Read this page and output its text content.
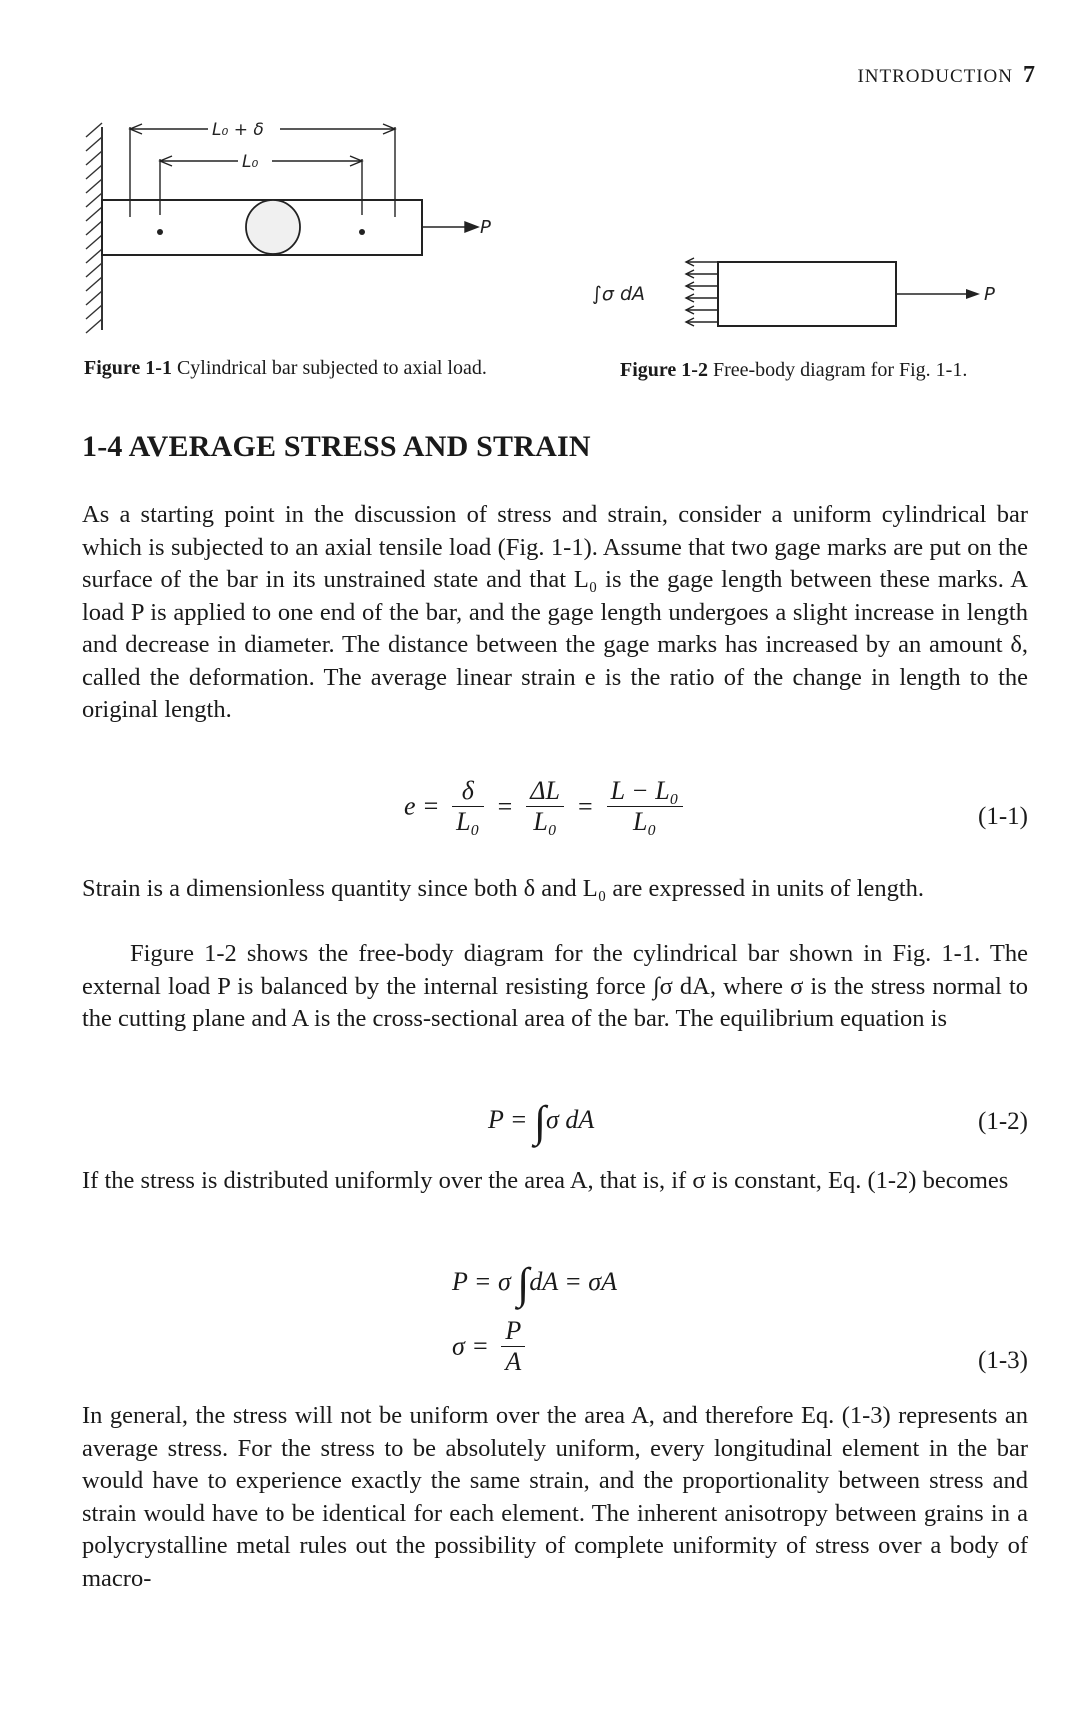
INTRODUCTION 7
L₀ + δ
L₀
P
Figure 1-1 Cylindrical bar subjected to axial load.
∫σ dA	P
Figure 1-2 Free-body diagram for Fig. 1-1.
1-4 AVERAGE STRESS AND STRAIN
As a starting point in the discussion of stress and strain, consider a uniform cylindrical bar which is subjected to an axial tensile load (Fig. 1-1). Assume that two gage marks are put on the surface of the bar in its unstrained state and that L₀ is the gage length between these marks. A load P is applied to one end of the bar, and the gage length undergoes a slight increase in length and decrease in diameter. The distance between the gage marks has increased by an amount δ, called the deformation. The average linear strain e is the ratio of the change in length to the original length.
$e = \frac{\delta}{\text{L₀}} = \frac{\Delta L}{\text{L₀}} = \frac{\text{L − L₀}}{\text{L₀}}$	(1-1)
Strain is a dimensionless quantity since both δ and L₀ are expressed in units of length.
Figure 1-2 shows the free-body diagram for the cylindrical bar shown in Fig. 1-1. The external load P is balanced by the internal resisting force ∫σ dA, where σ is the stress normal to the cutting plane and A is the cross-sectional area of the bar. The equilibrium equation is
P = ∫σ dA	(1-2)
If the stress is distributed uniformly over the area A, that is, if σ is constant, Eq. (1-2) becomes
P = σ ∫dA = σA
$\sigma = \frac{P}{A}$	(1-3)
In general, the stress will not be uniform over the area A, and therefore Eq. (1-3) represents an average stress. For the stress to be absolutely uniform, every longitudinal element in the bar would have to experience exactly the same strain, and the proportionality between stress and strain would have to be identical for each element. The inherent anisotropy between grains in a polycrystalline metal rules out the possibility of complete uniformity of stress over a body of macro-
